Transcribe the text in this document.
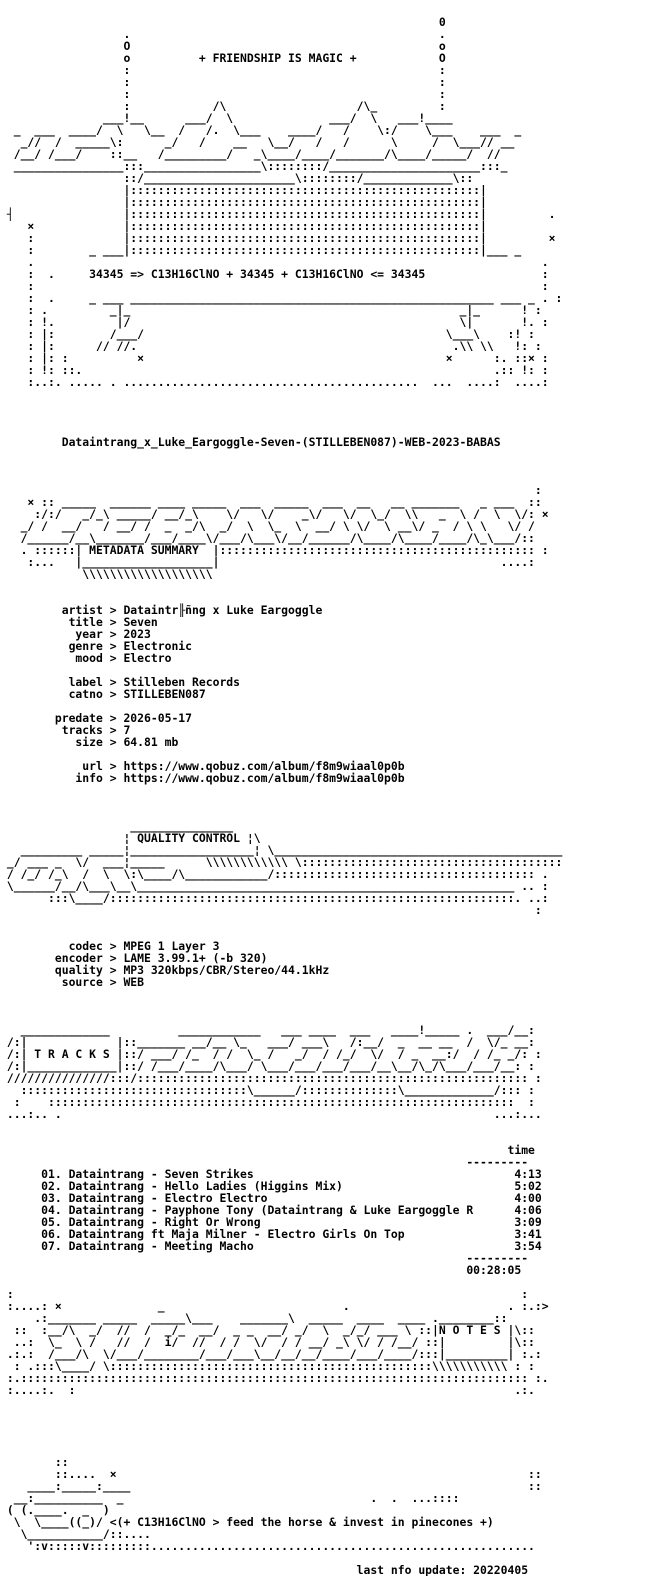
0
.                                             .
O                                             o
o          + FRIENDSHIP IS MAGIC +            O
:                                             :
:                                             :
:                                             :
:            /\                   /\_         :
___!__      ___/  \              ___/  \   ___!____
_  ___  ____/  \   \__  /   /.  \___    ____/   /    \:/    \___    ___  _
_//  /  _____\:      _/   /    __   \__/   /   /      \     /  \___// __
/__/ /___/    ::__   /_________/   _\____/____/_______/\____/_____/  //
________________:::_________________\::::::::/______________________:::_
::/______________________\::::::::/_____________\::
|:::::::::::::::::::::::::::::::::::::::::::::::::::|
|:::::::::::::::::::::::::::::::::::::::::::::::::::|
┤                |:::::::::::::::::::::::::::::::::::::::::::::::::::|         .
×             |:::::::::::::::::::::::::::::::::::::::::::::::::::|
:             |:::::::::::::::::::::::::::::::::::::::::::::::::::|         ×
:        _ ___|:::::::::::::::::::::::::::::::::::::::::::::::::::|___ _
.                                                                          .
:  .     34345 => C13H16ClNO + 34345 + C13H16ClNO <= 34345                 :
:                                                                          :
:  .     _ ___ _____________________________________________________ ___ _ . :
: .         _|_                                                _|_      ! :
: !.         |/                                                \|       !. :
: |:        /___/                                            \___\    :! :
: |:      // //.                                              .\\ \\   !: :
: |: :          ×                                            ×      :. ::× :
: !: ::.                                                            .:: !: :
:..:. ..... . ...........................................  ...  ....:  ....:

Dataintrang_x_Luke_Eargoggle-Seven-(STILLEBEN087)-WEB-2023-BABAS

:
× :: _____  ______ ____ _____  ___  _____  ___  __   __ _______   _ ___  ::
:/:/   _/_\ _____/ __/_\    \/   \/    _\/   \/  \_/  \\   _  \ /  \  \/: ×
_/ /  __/   / __/ /  _  _/\  _/  \  \_  \  __/ \ \/  \ __\/ _  / \ \   \/ /
/______/__\_______/___/____\/___/\___\/__/______/\____/\____/____/\_\___/::
. ::::::| METADATA SUMMARY  |:::::::::::::::::::::::::::::::::::::::::::::: :
:...   |___________________|                                         ....:
\\\\\\\\\\\\\\\\\\\

artist > Dataintr╟ñng x Luke Eargoggle
title > Seven
year > 2023
genre > Electronic
mood > Electro

label > Stilleben Records
catno > STILLEBEN087

predate > 2026-05-17
tracks > 7
size > 64.81 mb

url > https://www.qobuz.com/album/f8m9wiaal0p0b
info > https://www.qobuz.com/album/f8m9wiaal0p0b

_______________
¦ QUALITY CONTROL ¦\
_________ _____¦__________________¦ \__________________________________________
_/ ___ _  \/  ___¦_____      \\\\\\\\\\\\ \::::::::::::::::::::::::::::::::::::::
/ /_/ /_\  /  \  \:\____/\____________/:::::::::::::::::::::::::::::::::::::: .
\______/__/\___\__\_______________________________________________________ .. :
:::\____/:::::::::::::::::::::::::::::::::::::::::::::::::::::::::::. ..:
:

codec > MPEG 1 Layer 3
encoder > LAME 3.99.1+ (-b 320)
quality > MP3 320kbps/CBR/Stereo/44.1kHz
source > WEB

_____________          ____________   ___ ____  ___   ____!_____ .  ___/__:
/:|             |::_______ __/__ \_   ___/ ___\   /:__/  _  __ __  /  \/_ __:
/:| T R A C K S |::/ ___/ /_  / /  \_ /   _/  / /_/  \/  / _  __:/  / /_ _/: :
/:|_____________|::/ /___/____/\___/ \___/___/___/___/__\__/\_/\___/___/__: :
///////////////:::/::::::::::::::::::::::::::::::::::::::::::::::::::::::::: :
:::::::::::::::::::::::::::::::::\______/::::::::::::::\_____________/::: :
:    ::::::::::::::::::::::::::::::::::::::::::::::::::::::::::::::::::::  :
...:.. .                                                               ...:...

time
---------
01. Dataintrang - Seven Strikes                                      4:13
02. Dataintrang - Hello Ladies (Higgins Mix)                         5:02
03. Dataintrang - Electro Electro                                    4:00
04. Dataintrang - Payphone Tony (Dataintrang & Luke Eargoggle R      4:06
05. Dataintrang - Right Or Wrong                                     3:09
06. Dataintrang ft Maja Milner - Electro Girls On Top                3:41
07. Dataintrang - Meeting Macho                                      3:54
---------
00:28:05

:                                                                          :
:....: ×              _                          .                       . :.:>
.:_______ _____  _____\___    _______\  _____  ____  ____ .________::
::  :__/\  _/  //  /  _/_  __/  _ _  __/ _/  \  _/_/ ___ \ ::|N O T E S |\::
..:  \_  \ /   //  /  i/  //  / /  \/  / / __/ _\ \/ / /__/ ::|         |\::
.:.:  /___/\  \/___/________/___/___\__/__/__/____/___/____/:::|_________| :.:
: .:::\____/ \:::::::::::::::::::::::::::::::::::::::::::::::\\\\\\\\\\\ : :
:.:::::::::::::::::::::::::::::::::::::::::::::::::::::::::::::::::::::::::: :.
:....:.  :                                                                .:.

::
::....  ×                                                            ::
____:_____:____                                                          ::
__:__________  _                                    .  .  ...::::
( (.____.  _  )
\  \____((_)/ <(+ C13H16ClNO > feed the horse & invest in pinecones +)
\___________/::....
':v:::::v:::::::::........................................................

last nfo update: 20220405
